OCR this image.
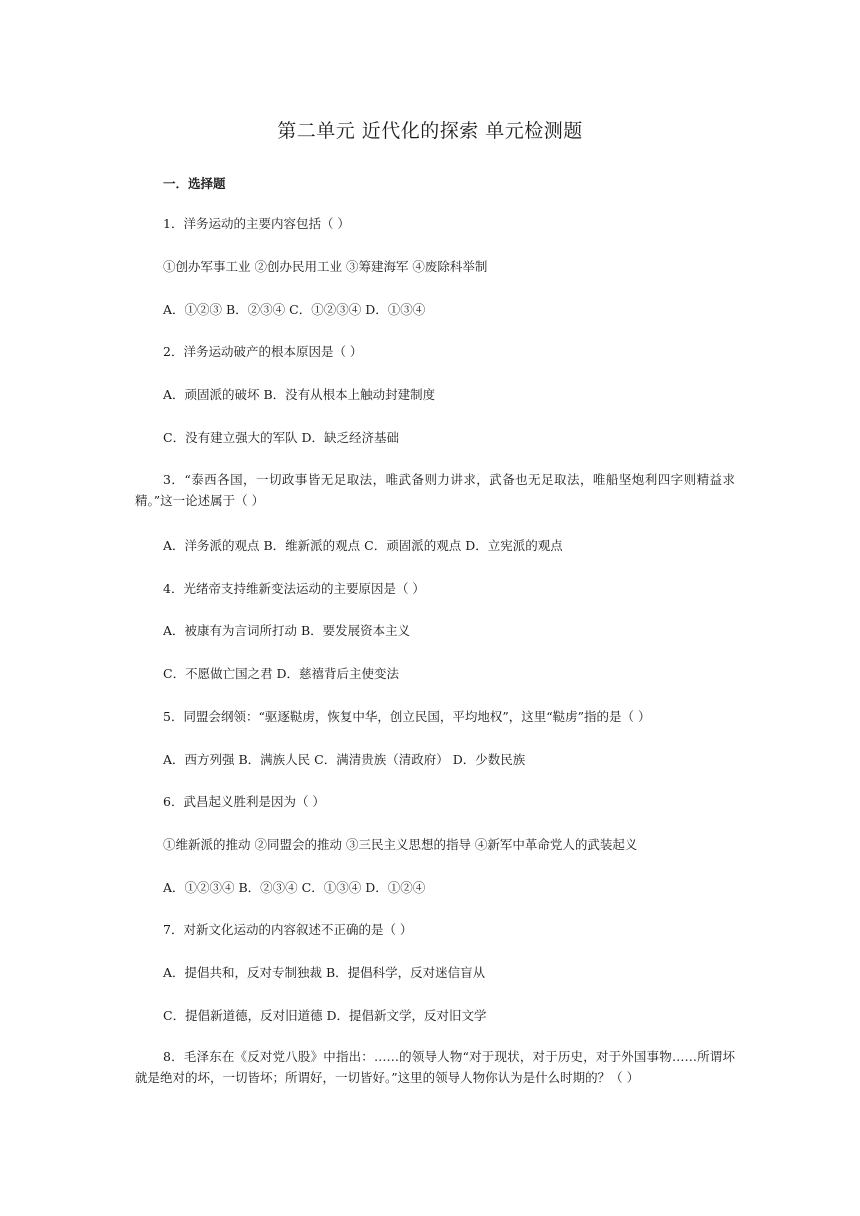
第二单元 近代化的探索 单元检测题
一．选择题
1．洋务运动的主要内容包括（ ）
①创办军事工业 ②创办民用工业 ③筹建海军 ④废除科举制
A．①②③ B．②③④ C．①②③④ D．①③④
2．洋务运动破产的根本原因是（ ）
A．顽固派的破坏 B．没有从根本上触动封建制度
C．没有建立强大的军队 D．缺乏经济基础
3．“泰西各国，一切政事皆无足取法，唯武备则力讲求，武备也无足取法，唯船坚炮利四字则精益求精。”这一论述属于（ ）
A．洋务派的观点 B．维新派的观点 C．顽固派的观点 D．立宪派的观点
4．光绪帝支持维新变法运动的主要原因是（ ）
A．被康有为言词所打动 B．要发展资本主义
C．不愿做亡国之君 D．慈禧背后主使变法
5．同盟会纲领：“驱逐鞑虏，恢复中华，创立民国，平均地权”，这里“鞑虏”指的是（ ）
A．西方列强 B．满族人民 C．满清贵族（清政府） D．少数民族
6．武昌起义胜利是因为（ ）
①维新派的推动 ②同盟会的推动 ③三民主义思想的指导 ④新军中革命党人的武装起义
A．①②③④ B．②③④ C．①③④ D．①②④
7．对新文化运动的内容叙述不正确的是（ ）
A．提倡共和，反对专制独裁 B．提倡科学，反对迷信盲从
C．提倡新道德，反对旧道德 D．提倡新文学，反对旧文学
8．毛泽东在《反对党八股》中指出：……的领导人物“对于现状，对于历史，对于外国事物……所谓坏就是绝对的坏，一切皆坏；所谓好，一切皆好。”这里的领导人物你认为是什么时期的？（ ）
